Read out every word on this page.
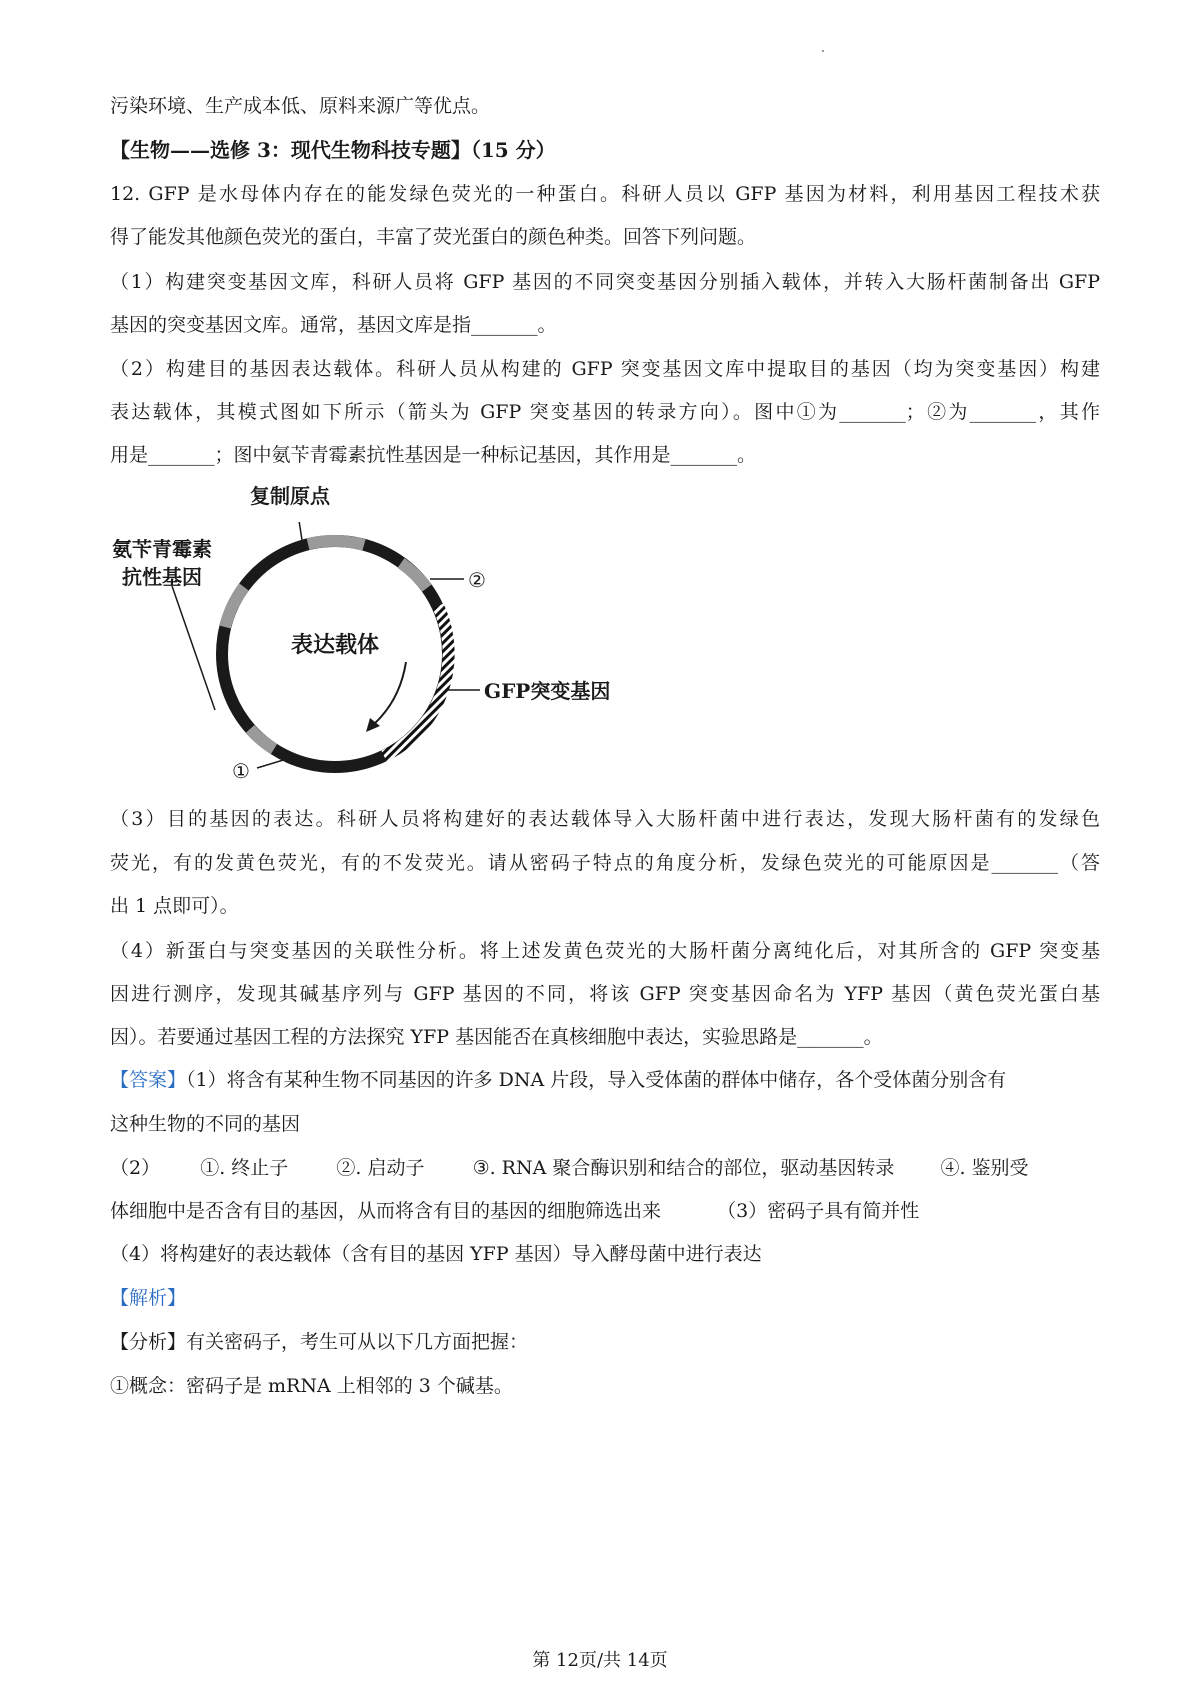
污染环境、生产成本低、原料来源广等优点。
【生物——选修 3：现代生物科技专题】（15 分）
12. GFP 是水母体内存在的能发绿色荧光的一种蛋白。科研人员以 GFP 基因为材料，利用基因工程技术获
得了能发其他颜色荧光的蛋白，丰富了荧光蛋白的颜色种类。回答下列问题。
（1）构建突变基因文库，科研人员将 GFP 基因的不同突变基因分别插入载体，并转入大肠杆菌制备出 GFP
基因的突变基因文库。通常，基因文库是指_______。
（2）构建目的基因表达载体。科研人员从构建的 GFP 突变基因文库中提取目的基因（均为突变基因）构建
表达载体，其模式图如下所示（箭头为 GFP 突变基因的转录方向）。图中①为_______；②为_______，其作
用是_______；图中氨苄青霉素抗性基因是一种标记基因，其作用是_______。
表达载体
GFP突变基因
②
①
氨苄青霉素
抗性基因
复制原点
（3）目的基因的表达。科研人员将构建好的表达载体导入大肠杆菌中进行表达，发现大肠杆菌有的发绿色
荧光，有的发黄色荧光，有的不发荧光。请从密码子特点的角度分析，发绿色荧光的可能原因是_______（答
出 1 点即可）。
（4）新蛋白与突变基因的关联性分析。将上述发黄色荧光的大肠杆菌分离纯化后，对其所含的 GFP 突变基
因进行测序，发现其碱基序列与 GFP 基因的不同，将该 GFP 突变基因命名为 YFP 基因（黄色荧光蛋白基
因）。若要通过基因工程的方法探究 YFP 基因能否在真核细胞中表达，实验思路是_______。
【答案】（1）将含有某种生物不同基因的许多 DNA 片段，导入受体菌的群体中储存，各个受体菌分别含有
这种生物的不同的基因
（2） ①. 终止子	②. 启动子	③. RNA 聚合酶识别和结合的部位，驱动基因转录 ④. 鉴别受
体细胞中是否含有目的基因，从而将含有目的基因的细胞筛选出来	（3）密码子具有简并性
（4）将构建好的表达载体（含有目的基因 YFP 基因）导入酵母菌中进行表达
【解析】
【分析】有关密码子，考生可从以下几方面把握：
①概念：密码子是 mRNA 上相邻的 3 个碱基。
第 12页/共 14页
